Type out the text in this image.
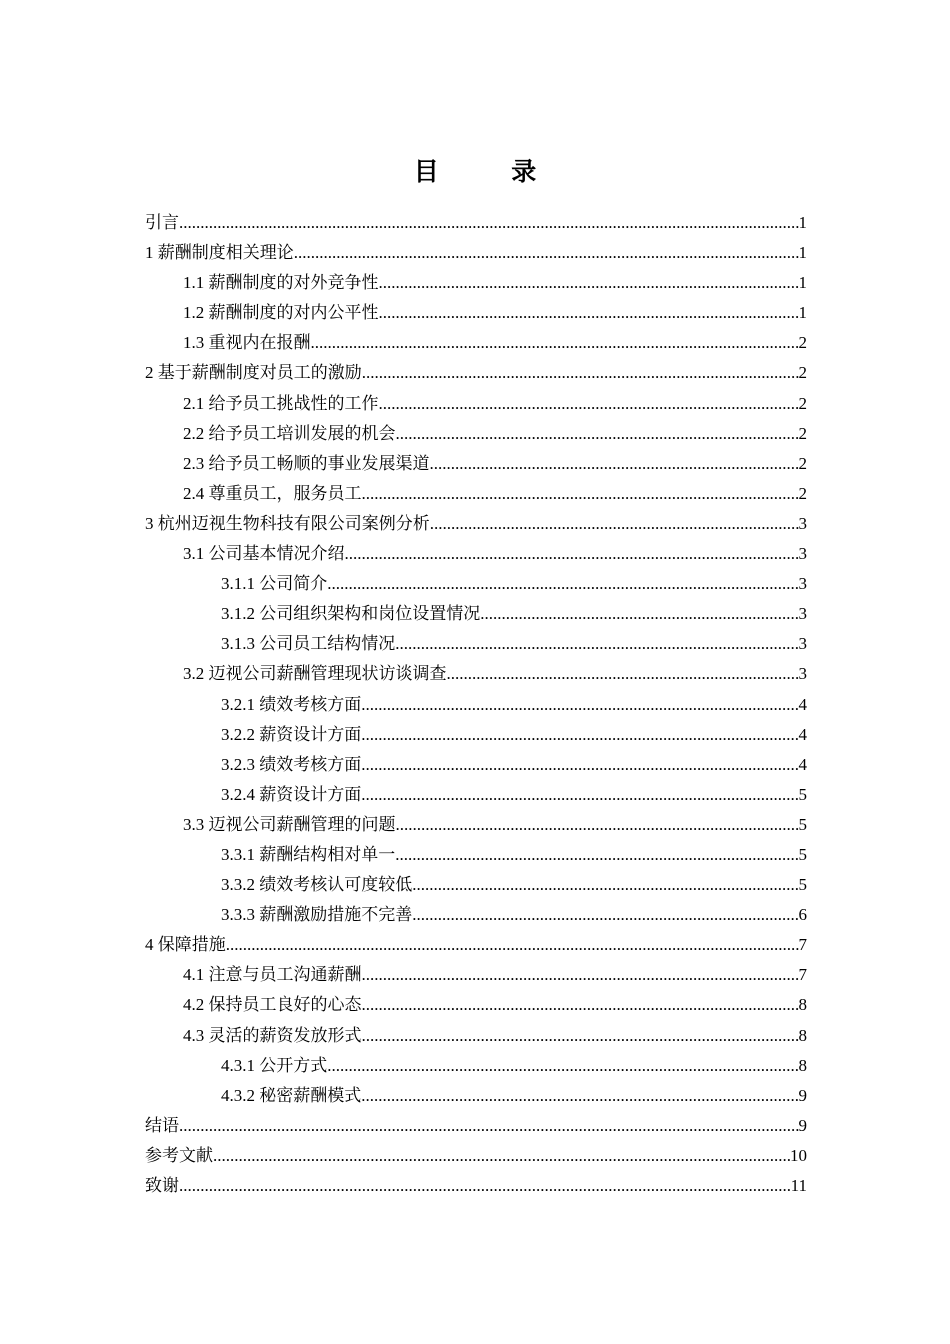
目　录
引言 .....	1
1 薪酬制度相关理论 .....	1
1.1 薪酬制度的对外竞争性 .....	1
1.2 薪酬制度的对内公平性 .....	1
1.3 重视内在报酬 .....	2
2 基于薪酬制度对员工的激励 .....	2
2.1 给予员工挑战性的工作 .....	2
2.2 给予员工培训发展的机会 .....	2
2.3 给予员工畅顺的事业发展渠道 .....	2
2.4 尊重员工，服务员工 .....	2
3 杭州迈视生物科技有限公司案例分析 .....	3
3.1 公司基本情况介绍 .....	3
3.1.1 公司简介 .....	3
3.1.2 公司组织架构和岗位设置情况 .....	3
3.1.3 公司员工结构情况 .....	3
3.2 迈视公司薪酬管理现状访谈调查 .....	3
3.2.1 绩效考核方面 .....	4
3.2.2 薪资设计方面 .....	4
3.2.3 绩效考核方面 .....	4
3.2.4 薪资设计方面 .....	5
3.3 迈视公司薪酬管理的问题 .....	5
3.3.1 薪酬结构相对单一 .....	5
3.3.2 绩效考核认可度较低 .....	5
3.3.3 薪酬激励措施不完善 .....	6
4 保障措施 .....	7
4.1 注意与员工沟通薪酬 .....	7
4.2 保持员工良好的心态 .....	8
4.3 灵活的薪资发放形式 .....	8
4.3.1 公开方式 .....	8
4.3.2 秘密薪酬模式 .....	9
结语 .....	9
参考文献 .....	10
致谢 .....	11
